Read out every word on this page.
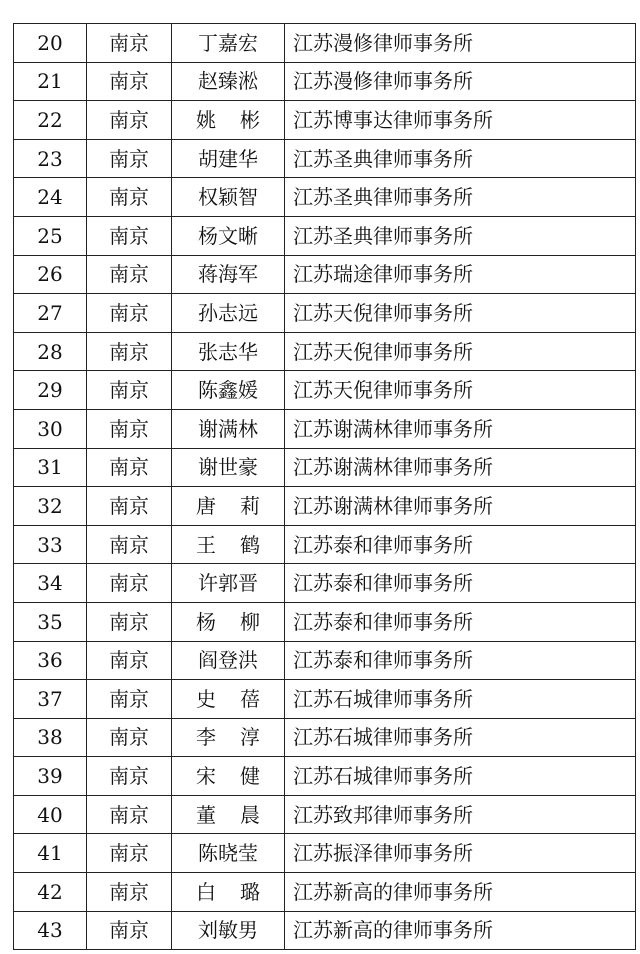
20	南京	丁嘉宏	江苏漫修律师事务所
21	南京	赵臻淞	江苏漫修律师事务所
22	南京	姚彬	江苏博事达律师事务所
23	南京	胡建华	江苏圣典律师事务所
24	南京	权颖智	江苏圣典律师事务所
25	南京	杨文晰	江苏圣典律师事务所
26	南京	蒋海军	江苏瑞途律师事务所
27	南京	孙志远	江苏天倪律师事务所
28	南京	张志华	江苏天倪律师事务所
29	南京	陈鑫媛	江苏天倪律师事务所
30	南京	谢满林	江苏谢满林律师事务所
31	南京	谢世豪	江苏谢满林律师事务所
32	南京	唐莉	江苏谢满林律师事务所
33	南京	王鹤	江苏泰和律师事务所
34	南京	许郭晋	江苏泰和律师事务所
35	南京	杨柳	江苏泰和律师事务所
36	南京	阎登洪	江苏泰和律师事务所
37	南京	史蓓	江苏石城律师事务所
38	南京	李淳	江苏石城律师事务所
39	南京	宋健	江苏石城律师事务所
40	南京	董晨	江苏致邦律师事务所
41	南京	陈晓莹	江苏振泽律师事务所
42	南京	白璐	江苏新高的律师事务所
43	南京	刘敏男	江苏新高的律师事务所
